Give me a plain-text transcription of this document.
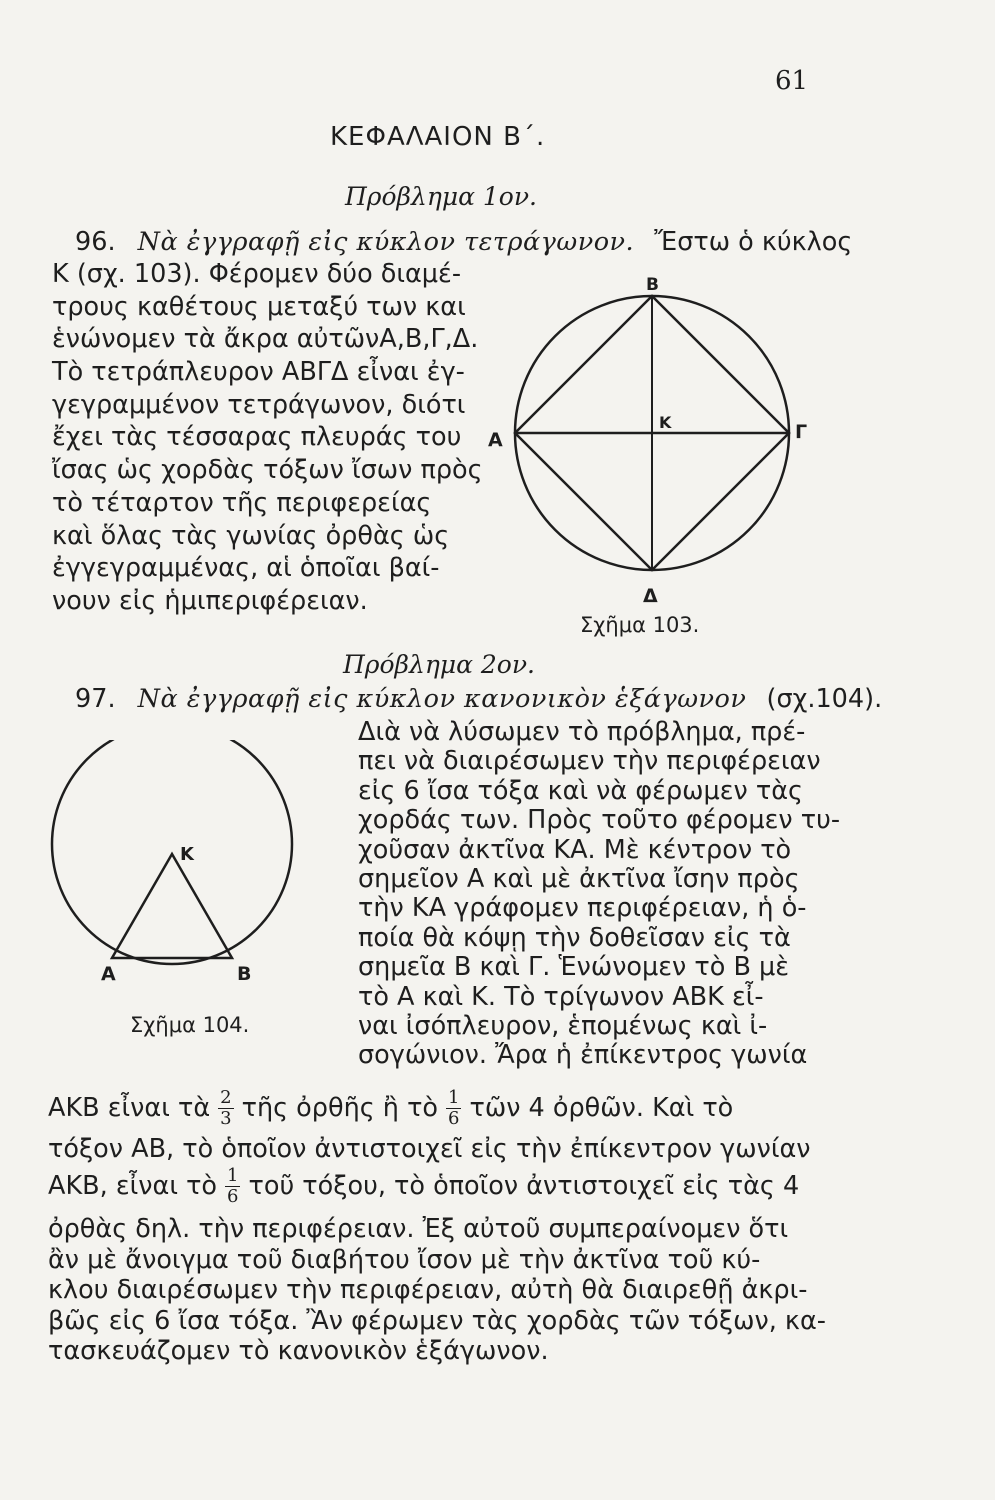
61
ΚΕΦΑΛΑΙΟΝ Β΄.
Πρόβλημα 1ον.
96. Νὰ ἐγγραφῇ εἰς κύκλον τετράγωνον. Ἔστω ὁ κύκλος
Κ (σχ. 103). Φέρομεν δύο διαμέ-
τρους καθέτους μεταξύ των και
ἑνώνομεν τὰ ἄκρα αὐτῶνΑ,Β,Γ,Δ.
Τὸ τετράπλευρον ΑΒΓΔ εἶναι ἐγ-
γεγραμμένον τετράγωνον, διότι
ἔχει τὰς τέσσαρας πλευράς του
ἴσας ὡς χορδὰς τόξων ἴσων πρὸς
τὸ τέταρτον τῆς περιφερείας
καὶ ὅλας τὰς γωνίας ὀρθὰς ὡς
ἐγγεγραμμένας, αἱ ὁποῖαι βαί-
νουν εἰς ἡμιπεριφέρειαν.
Β
Α	Γ
Κ
Δ
Σχῆμα 103.
Πρόβλημα 2ον.
97. Νὰ ἐγγραφῇ εἰς κύκλον κανονικὸν ἑξάγωνον (σχ.104).
Διὰ νὰ λύσωμεν τὸ πρόβλημα, πρέ-
πει νὰ διαιρέσωμεν τὴν περιφέρειαν
εἰς 6 ἴσα τόξα καὶ νὰ φέρωμεν τὰς
χορδάς των. Πρὸς τοῦτο φέρομεν τυ-
χοῦσαν ἀκτῖνα ΚΑ. Μὲ κέντρον τὸ
σημεῖον Α καὶ μὲ ἀκτῖνα ἴσην πρὸς
τὴν ΚΑ γράφομεν περιφέρειαν, ἡ ὁ-
ποία θὰ κόψῃ τὴν δοθεῖσαν εἰς τὰ
σημεῖα Β καὶ Γ. Ἑνώνομεν τὸ Β μὲ
τὸ Α καὶ Κ. Τὸ τρίγωνον ΑΒΚ εἶ-
ναι ἰσόπλευρον, ἑπομένως καὶ ἰ-
σογώνιον. Ἄρα ἡ ἐπίκεντρος γωνία
Κ
Α	Β
Σχῆμα 104.
ΑΚΒ εἶναι τὰ $\frac{2}{3}$ τῆς ὀρθῆς ἢ τὸ $\frac{1}{6}$ τῶν 4 ὀρθῶν. Καὶ τὸ
τόξον ΑΒ, τὸ ὁποῖον ἀντιστοιχεῖ εἰς τὴν ἐπίκεντρον γωνίαν
ΑΚΒ, εἶναι τὸ $\frac{1}{6}$ τοῦ τόξου, τὸ ὁποῖον ἀντιστοιχεῖ εἰς τὰς 4
ὀρθὰς δηλ. τὴν περιφέρειαν. Ἐξ αὐτοῦ συμπεραίνομεν ὅτι
ἂν μὲ ἄνοιγμα τοῦ διαβήτου ἴσον μὲ τὴν ἀκτῖνα τοῦ κύ-
κλου διαιρέσωμεν τὴν περιφέρειαν, αὐτὴ θὰ διαιρεθῇ ἀκρι-
βῶς εἰς 6 ἴσα τόξα. Ἂν φέρωμεν τὰς χορδὰς τῶν τόξων, κα-
τασκευάζομεν τὸ κανονικὸν ἑξάγωνον.
